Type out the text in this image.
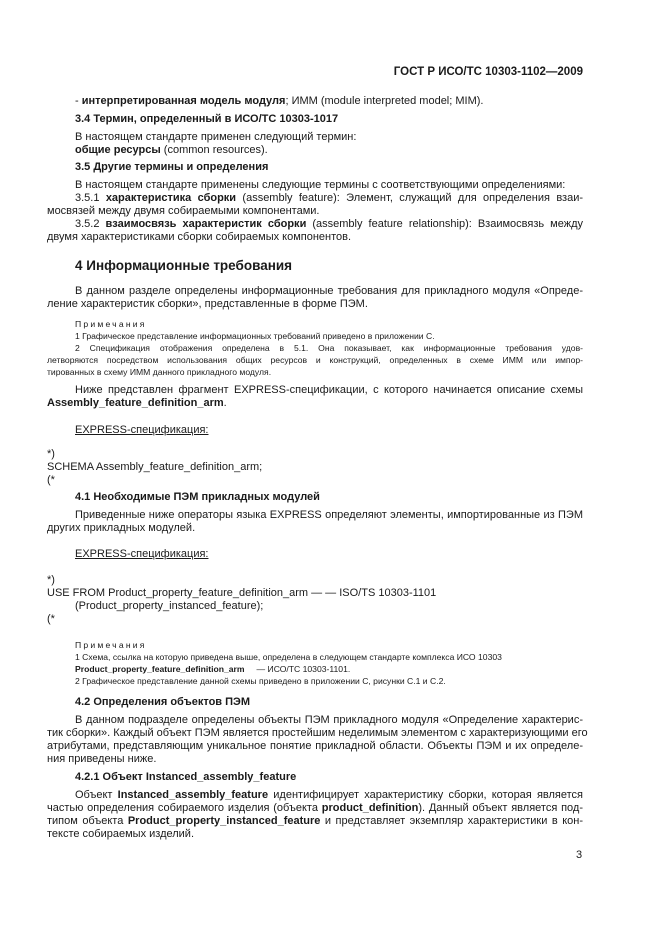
ГОСТ Р ИСО/ТС 10303-1102—2009
- интерпретированная модель модуля; ИММ (module interpreted model; MIM).
3.4 Термин, определенный в ИСО/ТС 10303-1017
В настоящем стандарте применен следующий термин:
общие ресурсы (common resources).
3.5 Другие термины и определения
В настоящем стандарте применены следующие термины с соответствующими определениями:
3.5.1 характеристика сборки (assembly feature): Элемент, служащий для определения взаи-
мосвязей между двумя собираемыми компонентами.
3.5.2 взаимосвязь характеристик сборки (assembly feature relationship): Взаимосвязь между
двумя характеристиками сборки собираемых компонентов.
4 Информационные требования
В данном разделе определены информационные требования для прикладного модуля «Опреде-
ление характеристик сборки», представленные в форме ПЭМ.
Примечания
1 Графическое представление информационных требований приведено в приложении С.
2 Спецификация отображения определена в 5.1. Она показывает, как информационные требования удов-
летворяются посредством использования общих ресурсов и конструкций, определенных в схеме ИММ или импор-
тированных в схему ИММ данного прикладного модуля.
Ниже представлен фрагмент EXPRESS-спецификации, с которого начинается описание схемы
Assembly_feature_definition_arm.
EXPRESS-спецификация:
*)
SCHEMA Assembly_feature_definition_arm;
(*
4.1 Необходимые ПЭМ прикладных модулей
Приведенные ниже операторы языка EXPRESS определяют элементы, импортированные из ПЭМ
других прикладных модулей.
EXPRESS-спецификация:
*)
USE FROM Product_property_feature_definition_arm — — ISO/TS 10303-1101
(Product_property_instanced_feature);
(*
Примечания
1 Схема, ссылка на которую приведена выше, определена в следующем стандарте комплекса ИСО 10303
Product_property_feature_definition_arm — ИСО/ТС 10303-1101.
2 Графическое представление данной схемы приведено в приложении С, рисунки С.1 и С.2.
4.2 Определения объектов ПЭМ
В данном подразделе определены объекты ПЭМ прикладного модуля «Определение характерис-
тик сборки». Каждый объект ПЭМ является простейшим неделимым элементом с характеризующими его
атрибутами, представляющим уникальное понятие прикладной области. Объекты ПЭМ и их определе-
ния приведены ниже.
4.2.1 Объект Instanced_assembly_feature
Объект Instanced_assembly_feature идентифицирует характеристику сборки, которая является
частью определения собираемого изделия (объекта product_definition). Данный объект является под-
типом объекта Product_property_instanced_feature и представляет экземпляр характеристики в кон-
тексте собираемых изделий.
3
